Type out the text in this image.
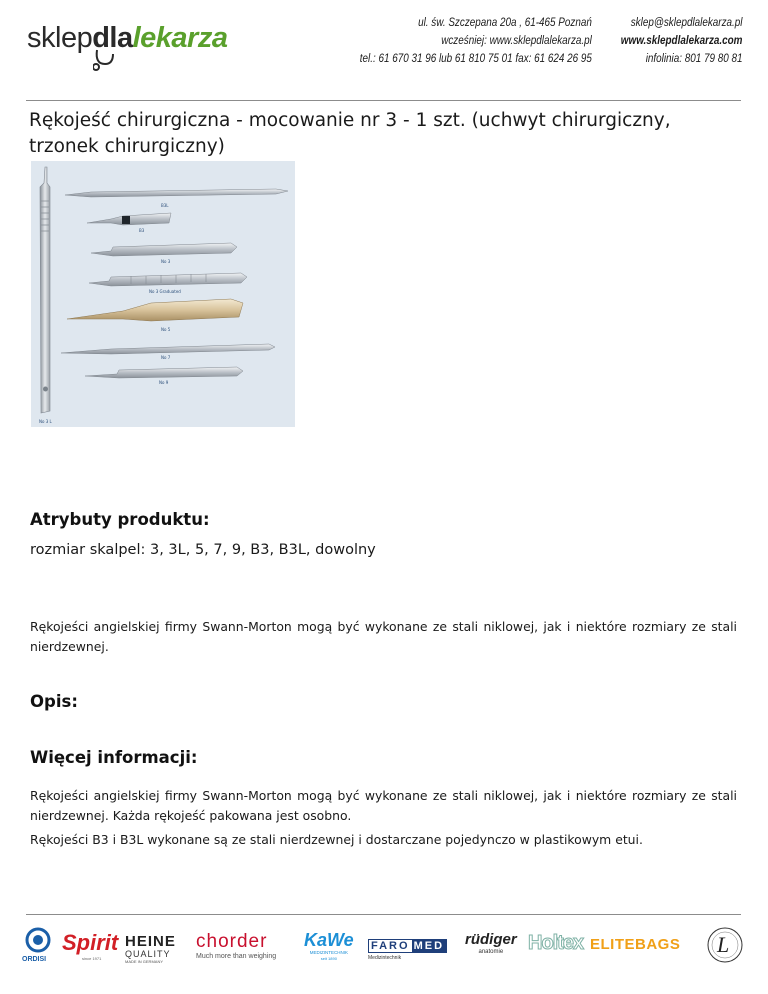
sklepdlalekarza	ul. św. Szczepana 20a , 61-465 Poznań
wcześniej: www.sklepdlalekarza.pl
tel.: 61 670 31 96 lub 61 810 75 01 fax: 61 624 26 95
sklep@sklepdlalekarza.pl
www.sklepdlalekarza.com
infolinia: 801 79 80 81
Rękojeść chirurgiczna - mocowanie nr 3 - 1 szt. (uchwyt chirurgiczny, trzonek chirurgiczny)
B3L
B3
No 3
No 3 Graduated
No 5
No 7
No 9
No 3 L
Atrybuty produktu:
rozmiar skalpel: 3, 3L, 5, 7, 9, B3, B3L, dowolny
Rękojeści angielskiej firmy Swann-Morton mogą być wykonane ze stali niklowej, jak i niektóre rozmiary ze stali nierdzewnej.
Opis:
Więcej informacji:
Rękojeści angielskiej firmy Swann-Morton mogą być wykonane ze stali niklowej, jak i niektóre rozmiary ze stali nierdzewnej. Każda rękojeść pakowana jest osobno.
Rękojeści B3 i B3L wykonane są ze stali nierdzewnej i dostarczane pojedynczo w plastikowym etui.
ORDISI
Spirit
since 1971
HEINE
QUALITY
MADE IN GERMANY
chorder
Much more than weighing
KaWe
MEDIZINTECHNIK
seit 1890
FARO MED
Medizintechnik
rüdiger
anatomie	Holtex ELITEBAGS L
